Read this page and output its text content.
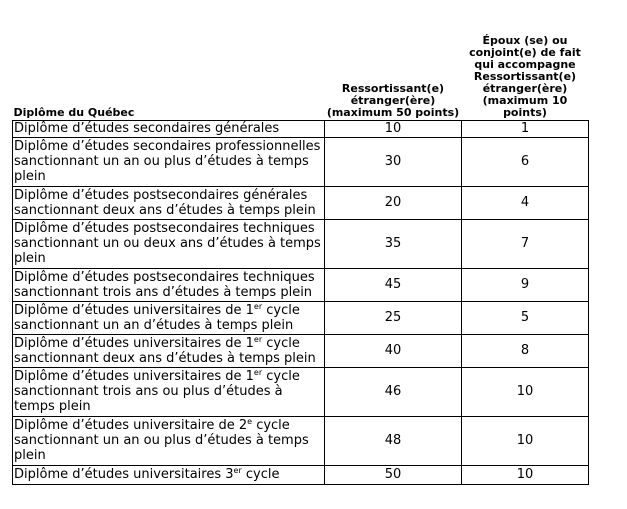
Diplôme du Québec	Ressortissant(e) étranger(ère) (maximum 50 points)	Époux (se) ou conjoint(e) de fait qui accompagne Ressortissant(e) étranger(ère) (maximum 10 points)
Diplôme d’études secondaires générales	10	1
Diplôme d’études secondaires professionnelles sanctionnant un an ou plus d’études à temps plein	30	6
Diplôme d’études postsecondaires générales sanctionnant deux ans d’études à temps plein	20	4
Diplôme d’études postsecondaires techniques sanctionnant un ou deux ans d’études à temps plein	35	7
Diplôme d’études postsecondaires techniques sanctionnant trois ans d’études à temps plein	45	9
Diplôme d’études universitaires de 1er cycle sanctionnant un an d’études à temps plein	25	5
Diplôme d’études universitaires de 1er cycle sanctionnant deux ans d’études à temps plein	40	8
Diplôme d’études universitaires de 1er cycle sanctionnant trois ans ou plus d’études à temps plein	46	10
Diplôme d’études universitaire de 2e cycle sanctionnant un an ou plus d’études à temps plein	48	10
Diplôme d’études universitaires 3er cycle	50	10
